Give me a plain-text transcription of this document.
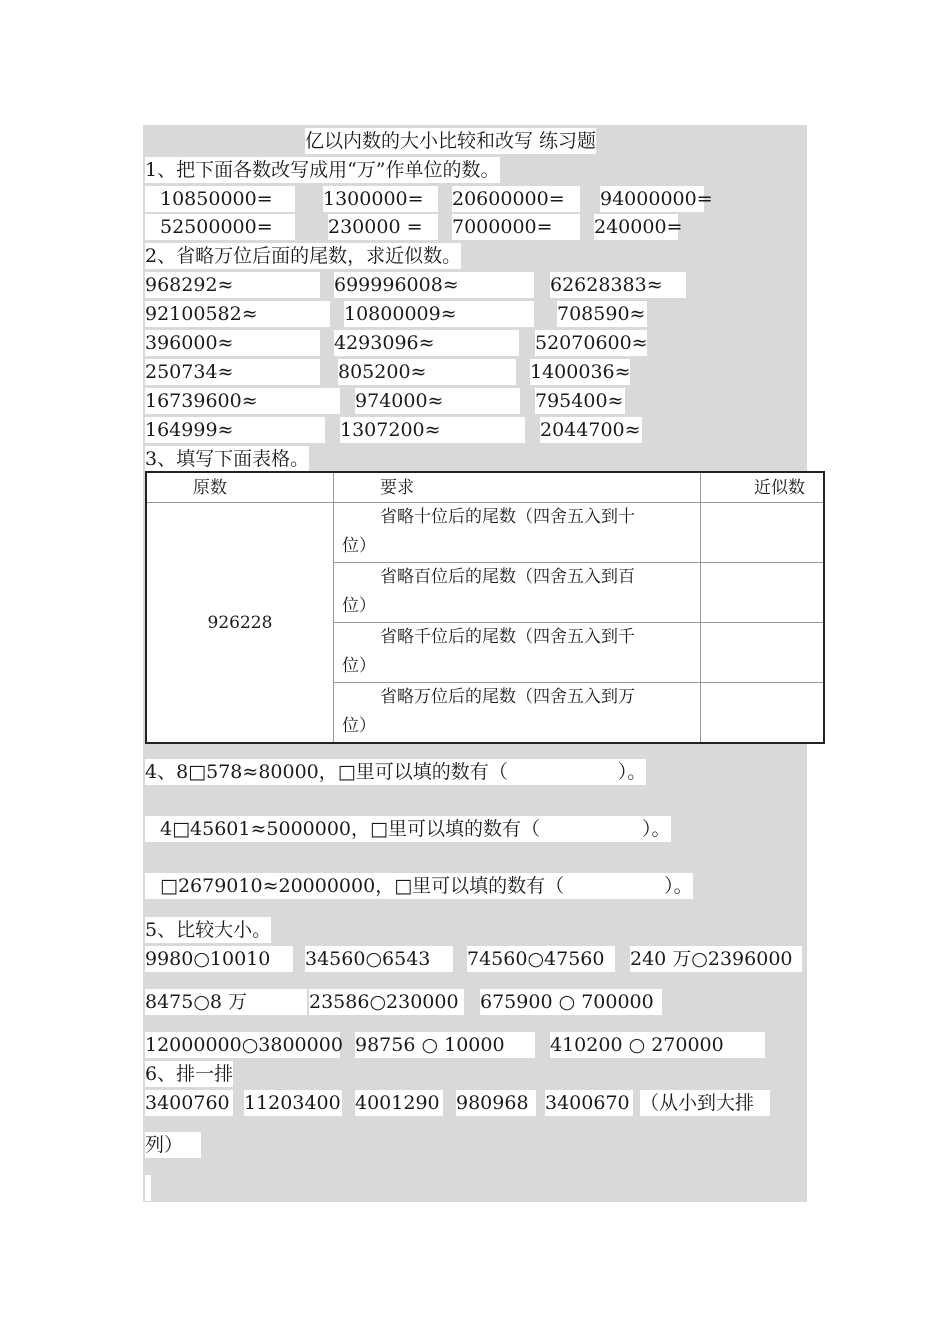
亿以内数的大小比较和改写 练习题
1、把下面各数改写成用“万”作单位的数。
10850000=	1300000=	20600000=	94000000=
52500000=	230000 =	7000000=	240000=
2、省略万位后面的尾数，求近似数。
968292≈	699996008≈	62628383≈
92100582≈	10800009≈	708590≈
396000≈	4293096≈	52070600≈
250734≈	805200≈	1400036≈
16739600≈	974000≈	795400≈
164999≈	1307200≈	2044700≈
3、填写下面表格。
原数	要求	近似数
926228	省略十位后的尾数（四舍五入到十
位）	
	省略百位后的尾数（四舍五入到百
位）	
	省略千位后的尾数（四舍五入到千
位）	
	省略万位后的尾数（四舍五入到万
位）	
4、8□578≈80000，□里可以填的数有（	）。
4□45601≈5000000，□里可以填的数有（	）。
□2679010≈20000000，□里可以填的数有（	）。
5、比较大小。
9980○10010	34560○6543	74560○47560	240 万○2396000
8475○8 万	23586○230000 675900 ○ 700000
12000000○3800000 98756 ○ 10000	410200 ○ 270000
6、排一排
3400760 11203400 4001290 980968 3400670 （从小到大排
列）
